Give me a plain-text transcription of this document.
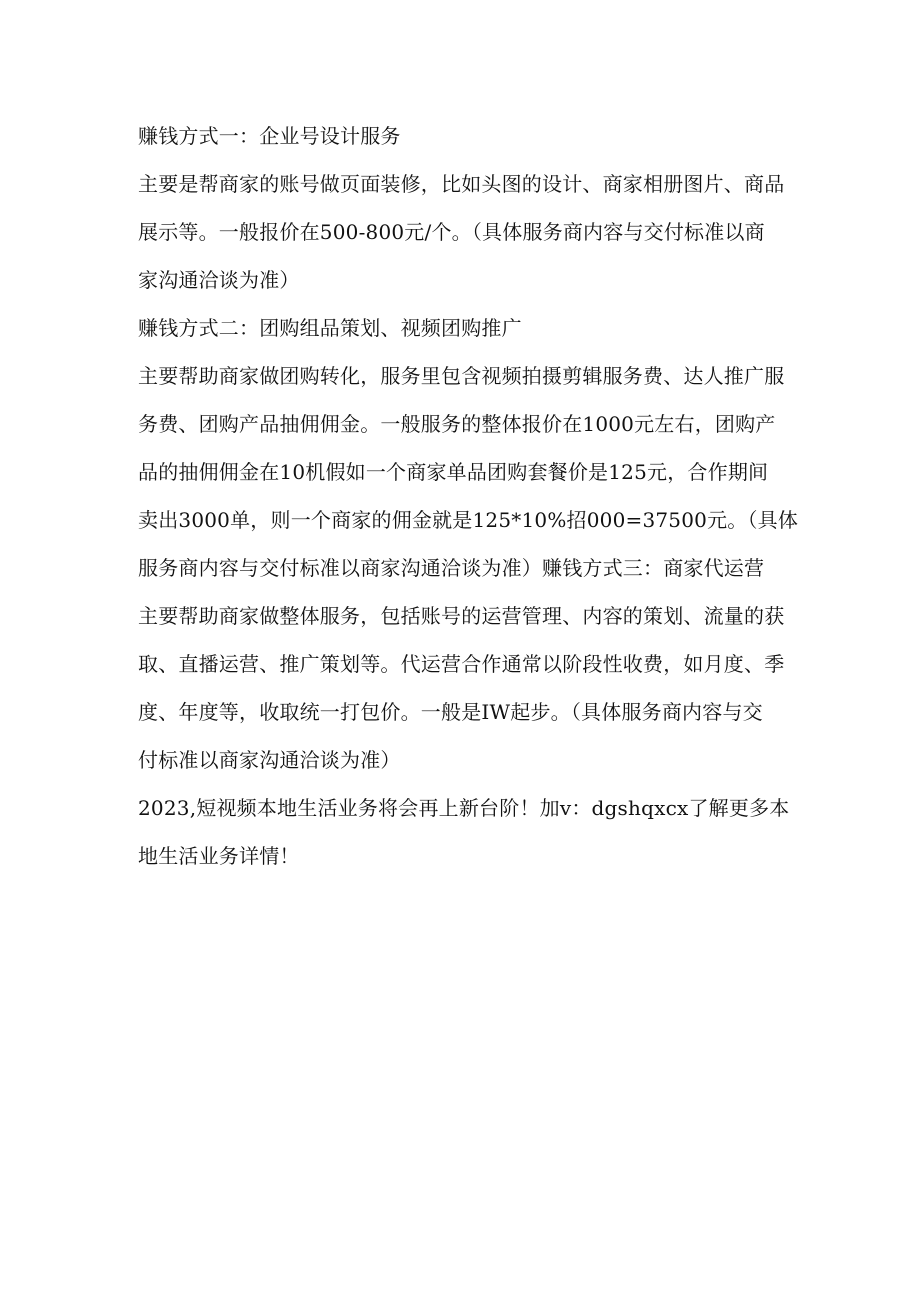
赚钱方式一：企业号设计服务
主要是帮商家的账号做页面装修，比如头图的设计、商家相册图片、商品
展示等。一般报价在500-800元/个。（具体服务商内容与交付标准以商
家沟通洽谈为准）
赚钱方式二：团购组品策划、视频团购推广
主要帮助商家做团购转化，服务里包含视频拍摄剪辑服务费、达人推广服
务费、团购产品抽佣佣金。一般服务的整体报价在1000元左右，团购产
品的抽佣佣金在10机假如一个商家单品团购套餐价是125元，合作期间
卖出3000单，则一个商家的佣金就是125*10%招000=37500元。（具体
服务商内容与交付标准以商家沟通洽谈为准）赚钱方式三：商家代运营
主要帮助商家做整体服务，包括账号的运营管理、内容的策划、流量的获
取、直播运营、推广策划等。代运营合作通常以阶段性收费，如月度、季
度、年度等，收取统一打包价。一般是IW起步。（具体服务商内容与交
付标准以商家沟通洽谈为准）
2023,短视频本地生活业务将会再上新台阶！加v：dgshqxcx了解更多本
地生活业务详情！
